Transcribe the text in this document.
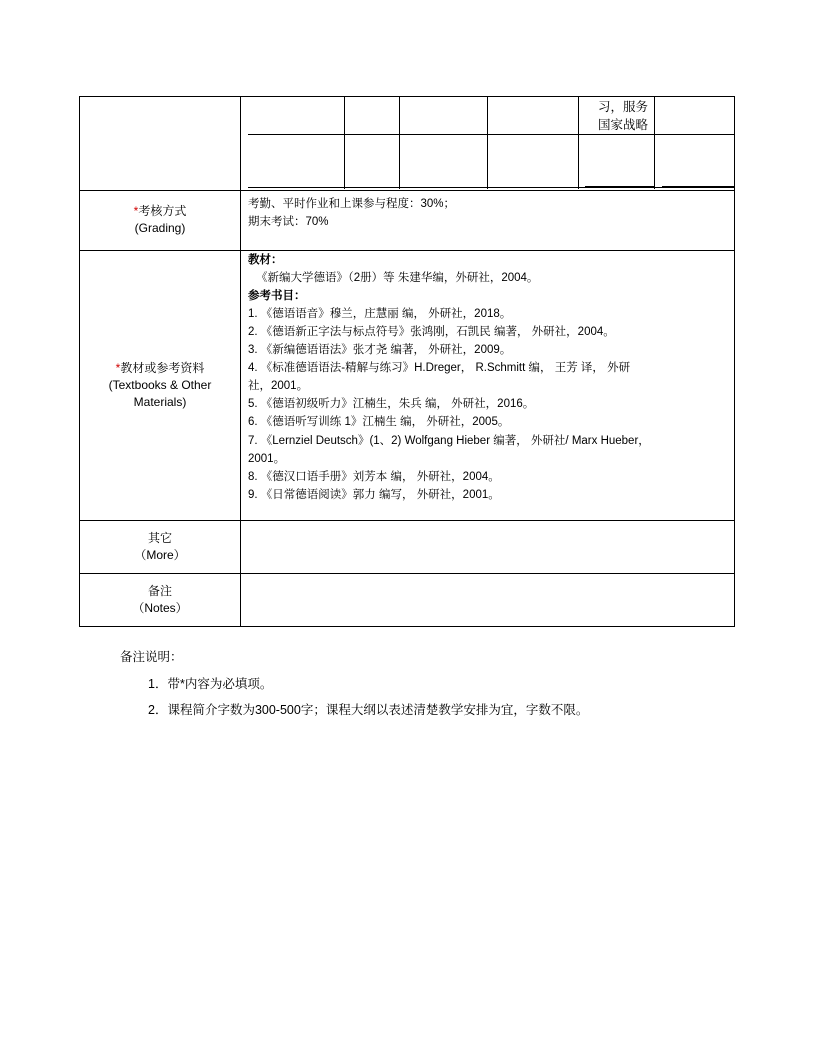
习，服务
国家战略
*考核方式
(Grading)
考勤、平时作业和上课参与程度：30%；
期末考试：70%
*教材或参考资料
(Textbooks & Other
Materials)
教材：
《新编大学德语》（2册）等 朱建华编，外研社，2004。
参考书目：
1. 《德语语音》穆兰，庄慧丽 编， 外研社，2018。
2. 《德语新正字法与标点符号》张鸿刚，石凯民 编著， 外研社，2004。
3. 《新编德语语法》张才尧 编著， 外研社，2009。
4. 《标准德语语法-精解与练习》H.Dreger， R.Schmitt 编， 王芳 译， 外研
社，2001。
5. 《德语初级听力》江楠生，朱兵 编， 外研社，2016。
6. 《德语听写训练 1》江楠生 编， 外研社，2005。
7. 《Lernziel Deutsch》(1、2) Wolfgang Hieber 编著， 外研社/ Marx Hueber，
2001。
8. 《德汉口语手册》刘芳本 编， 外研社，2004。
9. 《日常德语阅读》郭力 编写， 外研社，2001。
其它
（More）
备注
（Notes）
备注说明：
1．带*内容为必填项。
2．课程简介字数为300-500字；课程大纲以表述清楚教学安排为宜，字数不限。
